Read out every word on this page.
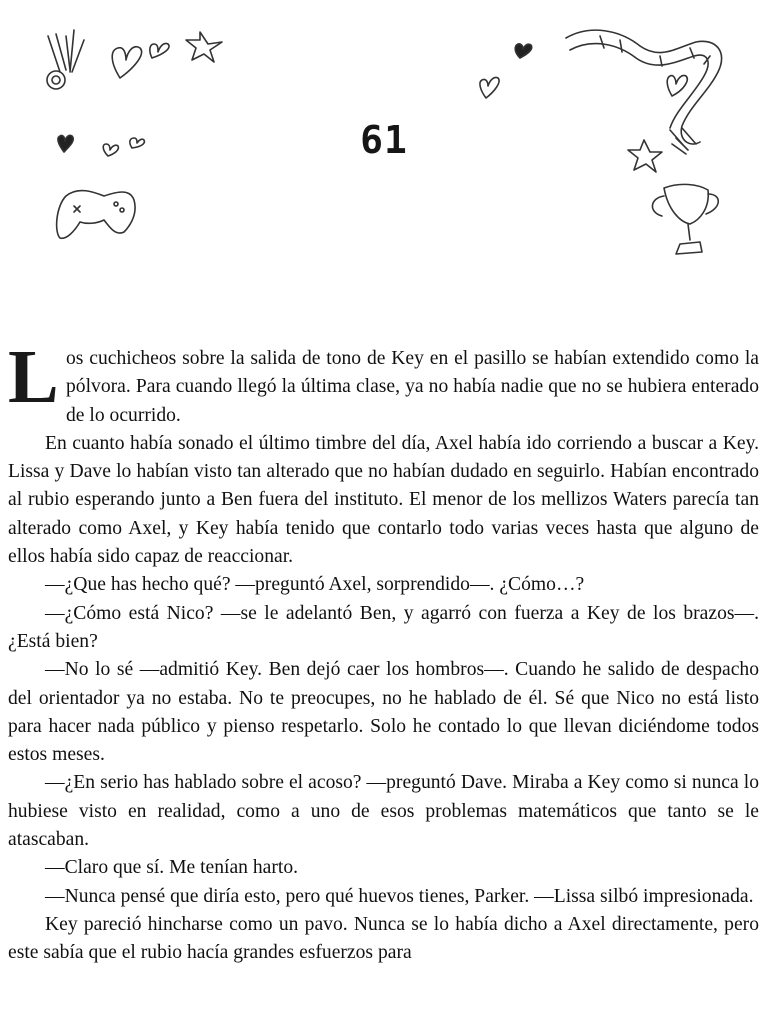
61

L os cuchicheos sobre la salida de tono de Key en el pasillo se habían extendido como la pólvora. Para cuando llegó la última clase, ya no había nadie que no se hubiera enterado de lo ocurrido.

En cuanto había sonado el último timbre del día, Axel había ido corriendo a buscar a Key. Lissa y Dave lo habían visto tan alterado que no habían dudado en seguirlo. Habían encontrado al rubio esperando junto a Ben fuera del instituto. El menor de los mellizos Waters parecía tan alterado como Axel, y Key había tenido que contarlo todo varias veces hasta que alguno de ellos había sido capaz de reaccionar.

—¿Que has hecho qué? —preguntó Axel, sorprendido—. ¿Cómo…?

—¿Cómo está Nico? —se le adelantó Ben, y agarró con fuerza a Key de los brazos—. ¿Está bien?

—No lo sé —admitió Key. Ben dejó caer los hombros—. Cuando he salido de despacho del orientador ya no estaba. No te preocupes, no he hablado de él. Sé que Nico no está listo para hacer nada público y pienso respetarlo. Solo he contado lo que llevan diciéndome todos estos meses.

—¿En serio has hablado sobre el acoso? —preguntó Dave. Miraba a Key como si nunca lo hubiese visto en realidad, como a uno de esos problemas matemáticos que tanto se le atascaban.

—Claro que sí. Me tenían harto.

—Nunca pensé que diría esto, pero qué huevos tienes, Parker. —Lissa silbó impresionada.

Key pareció hincharse como un pavo. Nunca se lo había dicho a Axel directamente, pero este sabía que el rubio hacía grandes esfuerzos para
